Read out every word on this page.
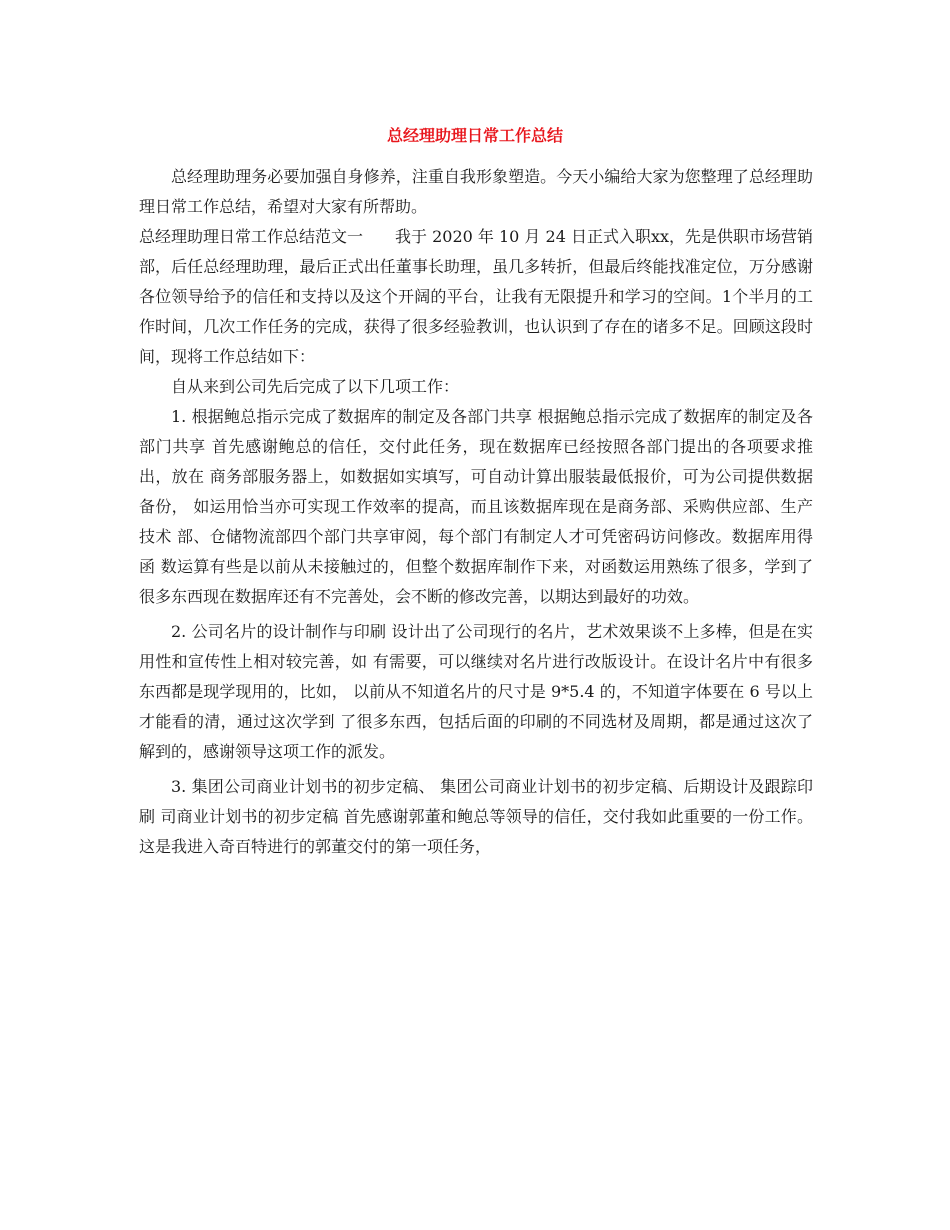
总经理助理日常工作总结

总经理助理务必要加强自身修养，注重自我形象塑造。今天小编给大家为您整理了总经理助理日常工作总结，希望对大家有所帮助。

总经理助理日常工作总结范文一　　我于 2020 年 10 月 24 日正式入职xx，先是供职市场营销部，后任总经理助理，最后正式出任董事长助理，虽几多转折，但最后终能找准定位，万分感谢各位领导给予的信任和支持以及这个开阔的平台，让我有无限提升和学习的空间。1个半月的工作时间，几次工作任务的完成，获得了很多经验教训，也认识到了存在的诸多不足。回顾这段时间，现将工作总结如下：

自从来到公司先后完成了以下几项工作：

1. 根据鲍总指示完成了数据库的制定及各部门共享 根据鲍总指示完成了数据库的制定及各部门共享 首先感谢鲍总的信任，交付此任务，现在数据库已经按照各部门提出的各项要求推出，放在 商务部服务器上，如数据如实填写，可自动计算出服装最低报价，可为公司提供数据备份， 如运用恰当亦可实现工作效率的提高，而且该数据库现在是商务部、采购供应部、生产技术 部、仓储物流部四个部门共享审阅，每个部门有制定人才可凭密码访问修改。数据库用得函 数运算有些是以前从未接触过的，但整个数据库制作下来，对函数运用熟练了很多，学到了很多东西现在数据库还有不完善处，会不断的修改完善，以期达到最好的功效。

2. 公司名片的设计制作与印刷 设计出了公司现行的名片，艺术效果谈不上多棒，但是在实用性和宣传性上相对较完善，如 有需要，可以继续对名片进行改版设计。在设计名片中有很多东西都是现学现用的，比如， 以前从不知道名片的尺寸是 9*5.4 的，不知道字体要在 6 号以上才能看的清，通过这次学到 了很多东西，包括后面的印刷的不同选材及周期，都是通过这次了解到的，感谢领导这项工作的派发。

3. 集团公司商业计划书的初步定稿、 集团公司商业计划书的初步定稿、后期设计及跟踪印刷 司商业计划书的初步定稿 首先感谢郭董和鲍总等领导的信任，交付我如此重要的一份工作。 这是我进入奇百特进行的郭董交付的第一项任务，
